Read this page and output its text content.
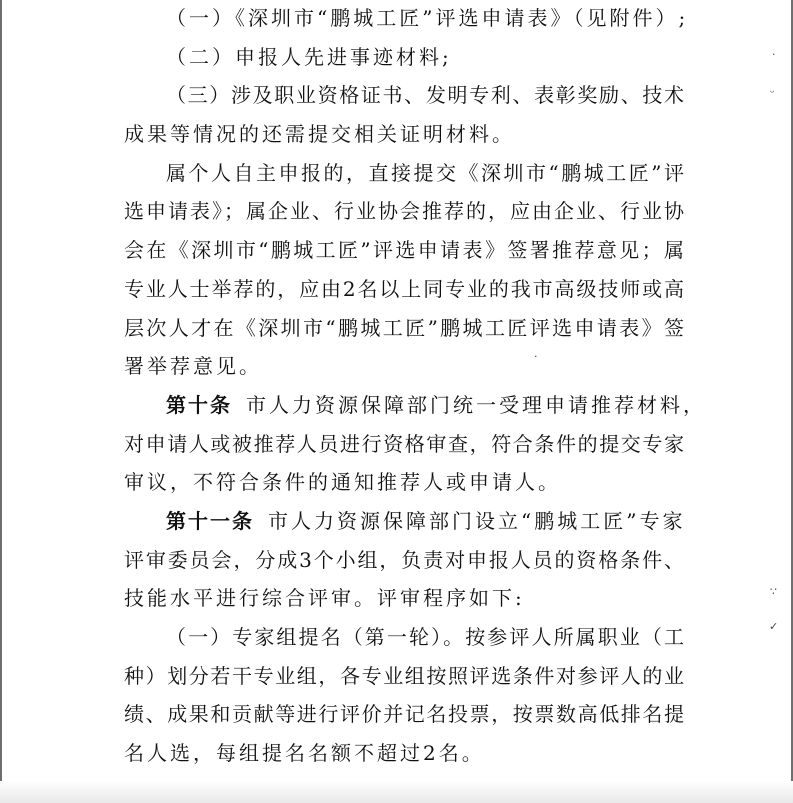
（一）《深圳市“鹏城工匠”评选申请表》（见附件）;
（二）申报人先进事迹材料;
（三）涉及职业资格证书、发明专利、表彰奖励、技术
成果等情况的还需提交相关证明材料。
属个人自主申报的，直接提交《深圳市“鹏城工匠”评
选申请表》；属企业、行业协会推荐的，应由企业、行业协
会在《深圳市“鹏城工匠”评选申请表》签署推荐意见；属
专业人士举荐的，应由2名以上同专业的我市高级技师或高
层次人才在《深圳市“鹏城工匠”鹏城工匠评选申请表》签
署举荐意见。
第十条 市人力资源保障部门统一受理申请推荐材料，
对申请人或被推荐人员进行资格审查，符合条件的提交专家
审议，不符合条件的通知推荐人或申请人。
第十一条 市人力资源保障部门设立“鹏城工匠”专家
评审委员会，分成3个小组，负责对申报人员的资格条件、
技能水平进行综合评审。评审程序如下:
（一）专家组提名（第一轮）。按参评人所属职业（工
种）划分若干专业组，各专业组按照评选条件对参评人的业
绩、成果和贡献等进行评价并记名投票，按票数高低排名提
名人选，每组提名名额不超过2名。
·
ᵕ
·
∵
✓
